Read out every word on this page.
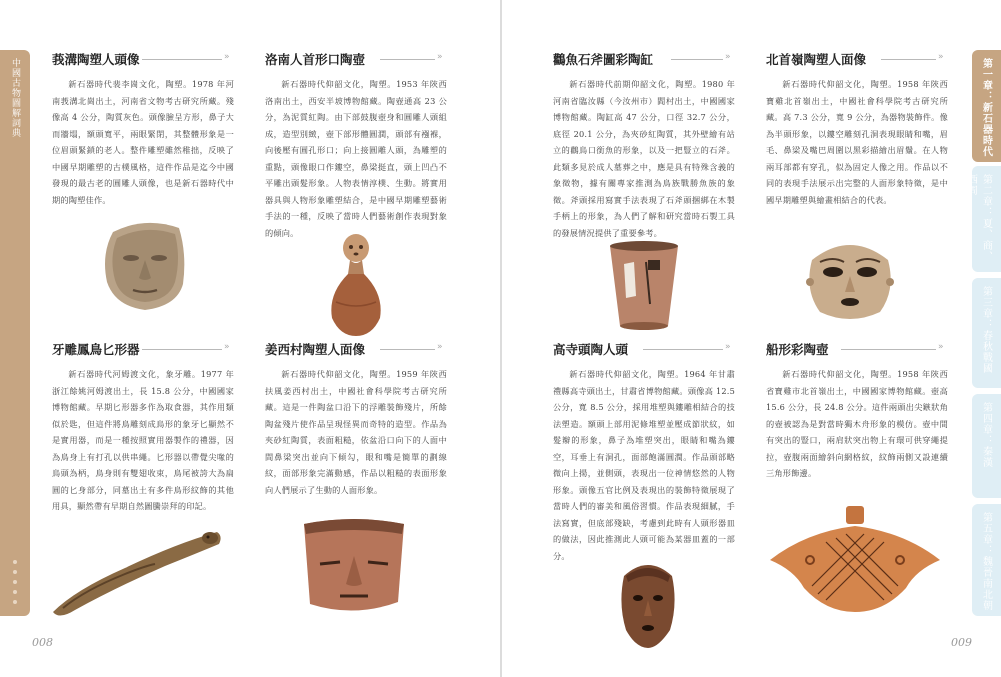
中國古物圖解詞典	第一章：新石器時代
第二章：夏、商、西周
第三章：春秋戰國
第四章：秦漢
第五章：魏晉南北朝
008	009
莪溝陶塑人頭像	»
新石器時代裴李崗文化，陶塑。1978 年河南莪溝北崗出土，河南省文物考古研究所藏。殘像高 4 公分，陶質灰色。頭像臉呈方形，鼻子大而牆塌，額頭寬平，兩眼緊閉，其整體形象是一位眉頭緊鎖的老人。整件雕塑雖然稚拙，反映了中國早期雕塑的古樸風格，這件作品是迄今中國發現的最古老的圓雕人頭像，也是新石器時代中期的陶塑佳作。
洛南人首形口陶壺	»
新石器時代仰韶文化，陶塑。1953 年陝西洛南出土，西安半坡博物館藏。陶壺通高 23 公分，為泥質紅陶。由下部鼓腹壺身和圓雕人頭組成，造型別緻，壺下部形體圓潤，頭部有襁褓，向後壓有圓孔形口；向上接圓雕人頭，為雕塑的重點，頭像眼口作鏤空，鼻梁挺直，頭上凹凸不平雕出頭髮形象。人物表情淳樸、生動。將實用器具與人物形象雕塑結合，是中國早期雕塑藝術手法的一種，反映了當時人們藝術創作表現對象的傾向。
牙雕鳳鳥匕形器	»
新石器時代河姆渡文化，象牙雕。1977 年浙江餘姚河姆渡出土，長 15.8 公分，中國國家博物館藏。早期匕形器多作為取食器，其作用類似於匙，但這件將鳥雕刻成鳥形的象牙匕顯然不是實用器，而是一種按照實用器製作的禮器，因為鳥身上有打孔以供串繩。匕形器以帶覺尖喙的鳥頭為柄，鳥身則有雙翅收束，鳥尾被誇大為扁圓的匕身部分，同墓出土有多件鳥形紋飾的其他用具，顯然帶有早期自然圖騰崇拜的印記。
姜西村陶塑人面像	»
新石器時代仰韶文化，陶塑。1959 年陝西扶風姜西村出土，中國社會科學院考古研究所藏。這是一件陶盆口沿下的浮雕裝飾殘片，所餘陶盆殘片使作品呈現怪異而奇特的造型。作品為夾砂紅陶質，表面粗糙，依盆沿口向下的人面中間鼻梁突出並向下傾勾，眼和嘴是簡單的劃線紋，面部形象完滿動感，作品以粗糙的表面形象向人們展示了生動的人面形象。
鸛魚石斧圖彩陶缸	»
新石器時代前期仰韶文化，陶塑。1980 年河南省臨汝縣（今汝州市）閻村出土，中國國家博物館藏。陶缸高 47 公分，口徑 32.7 公分，底徑 20.1 公分，為夾砂紅陶質，其外壁繪有站立的鸛鳥口銜魚的形象，以及一把豎立的石斧。此類多見於成人墓葬之中，應是具有特殊含義的象徵物，據有關專家推測為鳥族戰勝魚族的象徵。斧頭採用寫實手法表現了石斧頭捆綁在木製手柄上的形象，為人們了解和研究當時石製工具的發展情況提供了重要參考。
北首嶺陶塑人面像	»
新石器時代仰韶文化，陶塑。1958 年陝西寶雞北首嶺出土，中國社會科學院考古研究所藏。高 7.3 公分，寬 9 公分，為器物裝飾件。像為半頭形象，以鏤空雕刻孔洞表現眼睛和嘴，眉毛、鼻梁及嘴巴周圍以黑彩描繪出眉鬚。在人物兩耳部都有穿孔，似為固定人像之用。作品以不同的表現手法展示出完整的人面形象特徵，是中國早期雕塑與繪畫相結合的代表。
高寺頭陶人頭	»
新石器時代仰韶文化，陶塑。1964 年甘肅禮縣高寺頭出土，甘肅省博物館藏。頭像高 12.5 公分，寬 8.5 公分，採用堆塑與鏤雕相結合的技法塑造。額頭上部用泥條堆塑並壓成節狀紋，如髮辮的形象，鼻子為堆塑突出，眼睛和嘴為鏤空，耳垂上有洞孔，面部飽滿圓潤。作品頭部略微向上揚，並側頭，表現出一位神情悠然的人物形象。頭像五官比例及表現出的裝飾特徵展現了當時人們的審美和風俗習慣。作品表現細膩，手法寫實，但底部殘缺，考慮到此時有人頭形器皿的做法，因此推測此人頭可能為某器皿蓋的一部分。
船形彩陶壺	»
新石器時代仰韶文化，陶塑。1958 年陝西省寶雞市北首嶺出土，中國國家博物館藏。壺高 15.6 公分，長 24.8 公分。這件兩頭出尖鏃狀角的壺被認為是對當時獨木舟形象的模仿。壺中間有突出的豎口，兩肩狀突出物上有環可供穿繩提拉，壺腹兩面繪斜向網格紋，紋飾兩側又設連續三角形飾邊。
